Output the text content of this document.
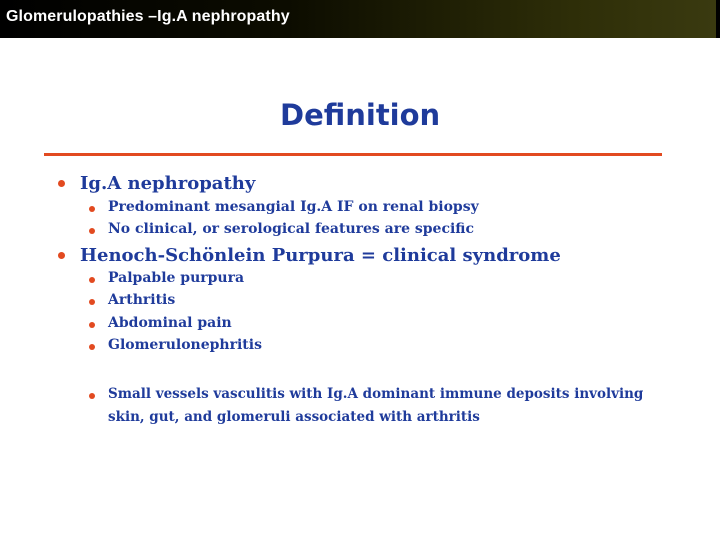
Glomerulopathies –Ig.A nephropathy
Definition
Ig.A nephropathy
Predominant mesangial Ig.A IF on renal biopsy
No clinical, or serological features are specific
Henoch-Schönlein Purpura = clinical syndrome
Palpable purpura
Arthritis
Abdominal pain
Glomerulonephritis
Small vessels vasculitis with Ig.A dominant immune deposits involving
skin, gut, and glomeruli associated with arthritis
